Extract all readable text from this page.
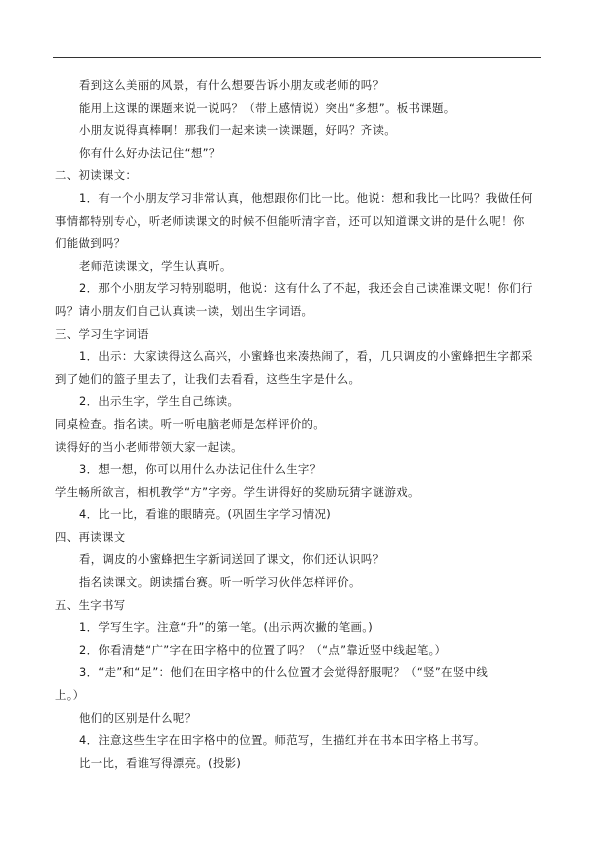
看到这么美丽的风景，有什么想要告诉小朋友或老师的吗？
能用上这课的课题来说一说吗？（带上感情说）突出“多想”。板书课题。
小朋友说得真棒啊！那我们一起来读一读课题，好吗？齐读。
你有什么好办法记住“想”？
二、初读课文：
1．有一个小朋友学习非常认真，他想跟你们比一比。他说：想和我比一比吗？我做任何
事情都特别专心，听老师读课文的时候不但能听清字音，还可以知道课文讲的是什么呢！你
们能做到吗？
老师范读课文，学生认真听。
2．那个小朋友学习特别聪明，他说：这有什么了不起，我还会自己读准课文呢！你们行
吗？请小朋友们自己认真读一读，划出生字词语。
三、学习生字词语
1．出示：大家读得这么高兴，小蜜蜂也来凑热闹了，看，几只调皮的小蜜蜂把生字都采
到了她们的篮子里去了，让我们去看看，这些生字是什么。
2．出示生字，学生自己练读。
同桌检查。指名读。听一听电脑老师是怎样评价的。
读得好的当小老师带领大家一起读。
3．想一想，你可以用什么办法记住什么生字？
学生畅所欲言，相机教学“方”字旁。学生讲得好的奖励玩猜字谜游戏。
4．比一比，看谁的眼睛亮。(巩固生字学习情况)
四、再读课文
看，调皮的小蜜蜂把生字新词送回了课文，你们还认识吗？
指名读课文。朗读擂台赛。听一听学习伙伴怎样评价。
五、生字书写
1．学写生字。注意“升”的第一笔。(出示两次撇的笔画。)
2．你看清楚“广”字在田字格中的位置了吗？（“点”靠近竖中线起笔。）
3．“走”和“足”：他们在田字格中的什么位置才会觉得舒服呢？（“竖”在竖中线
上。）
他们的区别是什么呢？
4．注意这些生字在田字格中的位置。师范写，生描红并在书本田字格上书写。
比一比，看谁写得漂亮。(投影)
